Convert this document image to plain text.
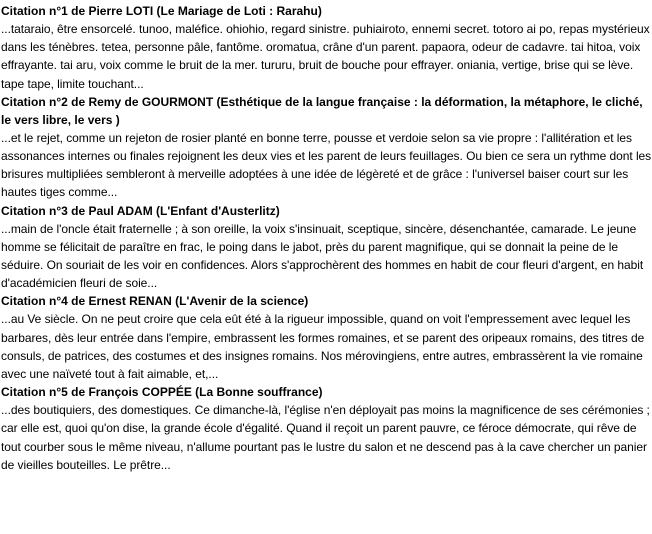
Citation n°1 de Pierre LOTI (Le Mariage de Loti : Rarahu)

...tataraio, être ensorcelé. tunoo, maléfice. ohiohio, regard sinistre. puhiairoto, ennemi secret. totoro ai po, repas mystérieux dans les ténèbres. tetea, personne pâle, fantôme. oromatua, crâne d'un parent. papaora, odeur de cadavre. tai hitoa, voix effrayante. tai aru, voix comme le bruit de la mer. tururu, bruit de bouche pour effrayer. oniania, vertige, brise qui se lève. tape tape, limite touchant...

Citation n°2 de Remy de GOURMONT (Esthétique de la langue française : la déformation, la métaphore, le cliché, le vers libre, le vers )

...et le rejet, comme un rejeton de rosier planté en bonne terre, pousse et verdoie selon sa vie propre : l'allitération et les assonances internes ou finales rejoignent les deux vies et les parent de leurs feuillages. Ou bien ce sera un rythme dont les brisures multipliées sembleront à merveille adoptées à une idée de légèreté et de grâce : l'universel baiser court sur les hautes tiges comme...

Citation n°3 de Paul ADAM (L'Enfant d'Austerlitz)

...main de l'oncle était fraternelle ; à son oreille, la voix s'insinuait, sceptique, sincère, désenchantée, camarade. Le jeune homme se félicitait de paraître en frac, le poing dans le jabot, près du parent magnifique, qui se donnait la peine de le séduire. On souriait de les voir en confidences. Alors s'approchèrent des hommes en habit de cour fleuri d'argent, en habit d'académicien fleuri de soie...

Citation n°4 de Ernest RENAN (L'Avenir de la science)

...au Ve siècle. On ne peut croire que cela eût été à la rigueur impossible, quand on voit l'empressement avec lequel les barbares, dès leur entrée dans l'empire, embrassent les formes romaines, et se parent des oripeaux romains, des titres de consuls, de patrices, des costumes et des insignes romains. Nos mérovingiens, entre autres, embrassèrent la vie romaine avec une naïveté tout à fait aimable, et,...

Citation n°5 de François COPPÉE (La Bonne souffrance)

...des boutiquiers, des domestiques. Ce dimanche-là, l'église n'en déployait pas moins la magnificence de ses cérémonies ; car elle est, quoi qu'on dise, la grande école d'égalité. Quand il reçoit un parent pauvre, ce féroce démocrate, qui rêve de tout courber sous le même niveau, n'allume pourtant pas le lustre du salon et ne descend pas à la cave chercher un panier de vieilles bouteilles. Le prêtre...
